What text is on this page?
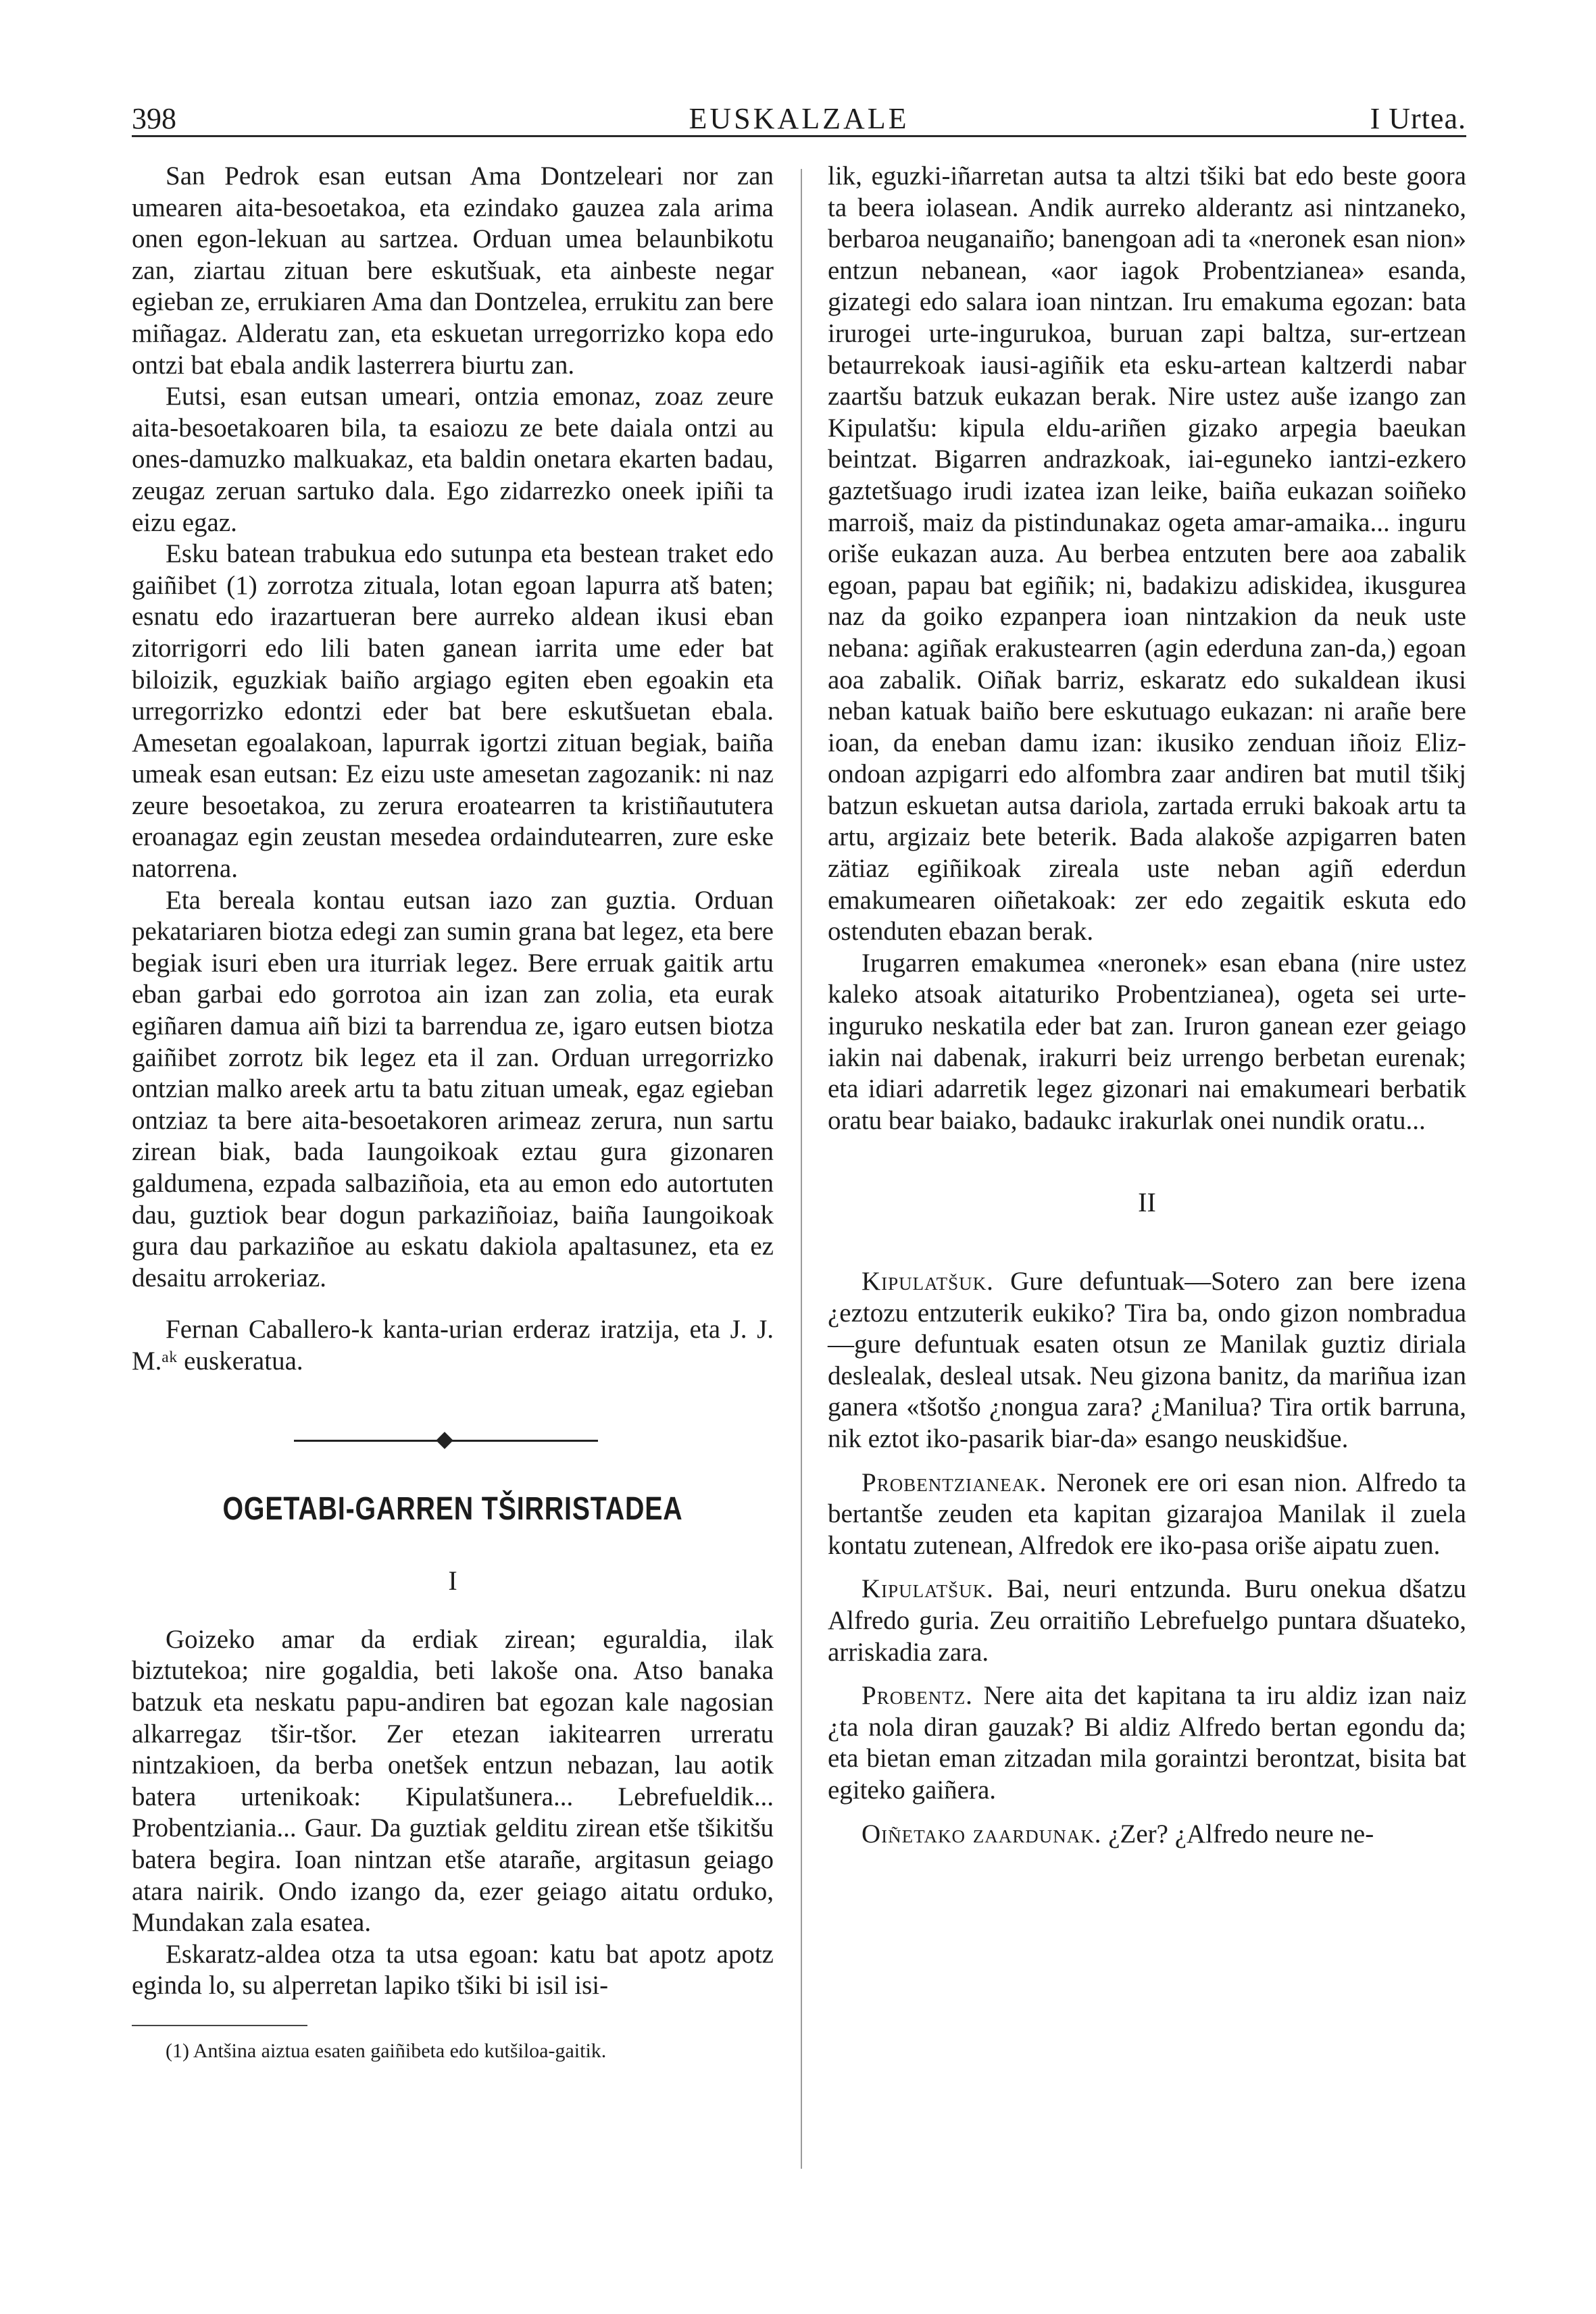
398	EUSKALZALE	I Urtea.

San Pedrok esan eutsan Ama Dontzeleari nor zan umearen aita-besoetakoa, eta ezindako gauzea zala arima onen egon-lekuan au sartzea. Orduan umea belaunbikotu zan, ziartau zituan bere eskutšuak, eta ainbeste negar egieban ze, errukiaren Ama dan Dontzelea, errukitu zan bere miñagaz. Alderatu zan, eta eskuetan urregorrizko kopa edo ontzi bat ebala andik lasterrera biurtu zan.

Eutsi, esan eutsan umeari, ontzia emonaz, zoaz zeure aita-besoetakoaren bila, ta esaiozu ze bete daiala ontzi au ones-damuzko malkuakaz, eta baldin onetara ekarten badau, zeugaz zeruan sartuko dala. Ego zidarrezko oneek ipiñi ta eizu egaz.

Esku batean trabukua edo sutunpa eta bestean traket edo gaiñibet (1) zorrotza zituala, lotan egoan lapurra atš baten; esnatu edo irazartueran bere aurreko aldean ikusi eban zitorrigorri edo lili baten ganean iarrita ume eder bat biloizik, eguzkiak baiño argiago egiten eben egoakin eta urregorrizko edontzi eder bat bere eskutšuetan ebala. Amesetan egoalakoan, lapurrak igortzi zituan begiak, baiña umeak esan eutsan: Ez eizu uste amesetan zagozanik: ni naz zeure besoetakoa, zu zerura eroatearren ta kristiñaututera eroanagaz egin zeustan mesedea ordaindutearren, zure eske natorrena.

Eta bereala kontau eutsan iazo zan guztia. Orduan pekatariaren biotza edegi zan sumin grana bat legez, eta bere begiak isuri eben ura iturriak legez. Bere erruak gaitik artu eban garbai edo gorrotoa ain izan zan zolia, eta eurak egiñaren damua aiñ bizi ta barrendua ze, igaro eutsen biotza gaiñibet zorrotz bik legez eta il zan. Orduan urregorrizko ontzian malko areek artu ta batu zituan umeak, egaz egieban ontziaz ta bere aita-besoetakoren arimeaz zerura, nun sartu zirean biak, bada Iaungoikoak eztau gura gizonaren galdumena, ezpada salbaziñoia, eta au emon edo autortuten dau, guztiok bear dogun parkaziñoiaz, baiña Iaungoikoak gura dau parkaziñoe au eskatu dakiola apaltasunez, eta ez desaitu arrokeriaz.

Fernan Caballero-k kanta-urian erderaz iratzija, eta J. J. M.ᵃᵏ euskeratua.

OGETABI-GARREN TŠIRRISTADEA
I

Goizeko amar da erdiak zirean; eguraldia, ilak biztutekoa; nire gogaldia, beti lakoše ona. Atso banaka batzuk eta neskatu papu-andiren bat egozan kale nagosian alkarregaz tšir-tšor. Zer etezan iakitearren urreratu nintzakioen, da berba onetšek entzun nebazan, lau aotik batera urtenikoak: Kipulatšunera... Lebrefueldik... Probentziania... Gaur. Da guztiak gelditu zirean etše tšikitšu batera begira. Ioan nintzan etše atarañe, argitasun geiago atara nairik. Ondo izango da, ezer geiago aitatu orduko, Mundakan zala esatea.

Eskaratz-aldea otza ta utsa egoan: katu bat apotz apotz eginda lo, su alperretan lapiko tšiki bi isil isi-

(1) Antšina aiztua esaten gaiñibeta edo kutšiloa-gaitik.

lik, eguzki-iñarretan autsa ta altzi tšiki bat edo beste goora ta beera iolasean. Andik aurreko alderantz asi nintzaneko, berbaroa neuganaiño; banengoan adi ta «neronek esan nion» entzun nebanean, «aor iagok Probentzianea» esanda, gizategi edo salara ioan nintzan. Iru emakuma egozan: bata irurogei urte-ingurukoa, buruan zapi baltza, sur-ertzean betaurrekoak iausi-agiñik eta esku-artean kaltzerdi nabar zaartšu batzuk eukazan berak. Nire ustez auše izango zan Kipulatšu: kipula eldu-ariñen gizako arpegia baeukan beintzat. Bigarren andrazkoak, iai-eguneko iantzi-ezkero gaztetšuago irudi izatea izan leike, baiña eukazan soiñeko marroiš, maiz da pistindunakaz ogeta amar-amaika... inguru oriše eukazan auza. Au berbea entzuten bere aoa zabalik egoan, papau bat egiñik; ni, badakizu adiskidea, ikusgurea naz da goiko ezpanpera ioan nintzakion da neuk uste nebana: agiñak erakustearren (agin ederduna zan-da,) egoan aoa zabalik. Oiñak barriz, eskaratz edo sukaldean ikusi neban katuak baiño bere eskutuago eukazan: ni arañe bere ioan, da eneban damu izan: ikusiko zenduan iñoiz Eliz-ondoan azpigarri edo alfombra zaar andiren bat mutil tšikj batzun eskuetan autsa dariola, zartada erruki bakoak artu ta artu, argizaiz bete beterik. Bada alakoše azpigarren baten zätiaz egiñikoak zireala uste neban agiñ ederdun emakumearen oiñetakoak: zer edo zegaitik eskuta edo ostenduten ebazan berak.

Irugarren emakumea «neronek» esan ebana (nire ustez kaleko atsoak aitaturiko Probentzianea), ogeta sei urte-inguruko neskatila eder bat zan. Iruron ganean ezer geiago iakin nai dabenak, irakurri beiz urrengo berbetan eurenak; eta idiari adarretik legez gizonari nai emakumeari berbatik oratu bear baiako, badaukc irakurlak onei nundik oratu...

II

Kipulatšuk. Gure defuntuak—Sotero zan bere izena ¿eztozu entzuterik eukiko? Tira ba, ondo gizon nombradua—gure defuntuak esaten otsun ze Manilak guztiz diriala deslealak, desleal utsak. Neu gizona banitz, da mariñua izan ganera «tšotšo ¿nongua zara? ¿Manilua? Tira ortik barruna, nik eztot iko-pasarik biar-da» esango neuskidšue.

Probentzianeak. Neronek ere ori esan nion. Alfredo ta bertantše zeuden eta kapitan gizarajoa Manilak il zuela kontatu zutenean, Alfredok ere iko-pasa oriše aipatu zuen.

Kipulatšuk. Bai, neuri entzunda. Buru onekua dšatzu Alfredo guria. Zeu orraitiño Lebrefuelgo puntara dšuateko, arriskadia zara.

Probentz. Nere aita det kapitana ta iru aldiz izan naiz ¿ta nola diran gauzak? Bi aldiz Alfredo bertan egondu da; eta bietan eman zitzadan mila goraintzi berontzat, bisita bat egiteko gaiñera.

Oiñetako zaardunak. ¿Zer? ¿Alfredo neure ne-
